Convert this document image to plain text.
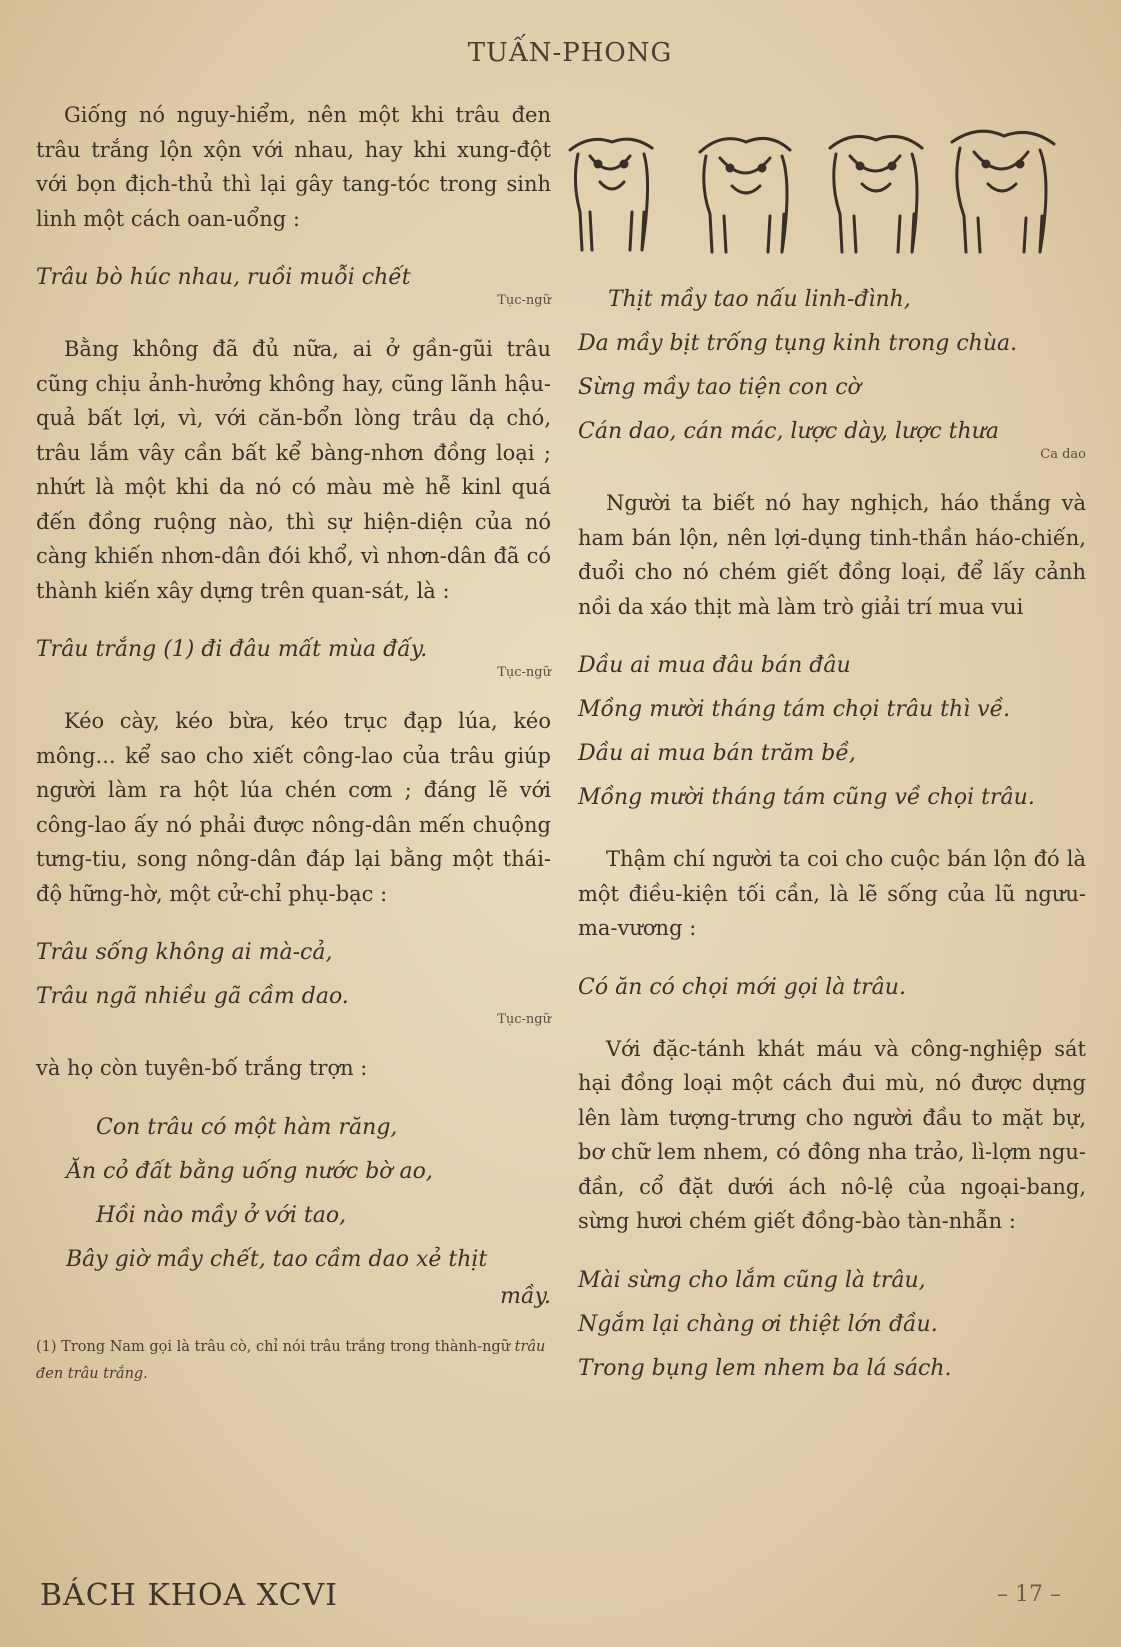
TUẤN-PHONG

Giống nó nguy-hiểm, nên một khi trâu đen trâu trắng lộn xộn với nhau, hay khi xung-đột với bọn địch-thủ thì lại gây tang-tóc trong sinh linh một cách oan-uổng :

Trâu bò húc nhau, ruồi muỗi chết
Tục-ngữ

Bằng không đã đủ nữa, ai ở gần-gũi trâu cũng chịu ảnh-hưởng không hay, cũng lãnh hậu-quả bất lợi, vì, với căn-bổn lòng trâu dạ chó, trâu lắm vây cần bất kể bàng-nhơn đồng loại ; nhứt là một khi da nó có màu mè hễ kinl quá đến đồng ruộng nào, thì sự hiện-diện của nó càng khiến nhơn-dân đói khổ, vì nhơn-dân đã có thành kiến xây dựng trên quan-sát, là :

Trâu trắng (1) đi đâu mất mùa đấy.
Tục-ngữ

Kéo cày, kéo bừa, kéo trục đạp lúa, kéo mông... kể sao cho xiết công-lao của trâu giúp người làm ra hột lúa chén cơm ; đáng lẽ với công-lao ấy nó phải được nông-dân mến chuộng tưng-tiu, song nông-dân đáp lại bằng một thái-độ hững-hờ, một cử-chỉ phụ-bạc :

Trâu sống không ai mà-cả,
Trâu ngã nhiều gã cầm dao.
Tục-ngữ

và họ còn tuyên-bố trắng trợn :

Con trâu có một hàm răng,
Ăn cỏ đất bằng uống nước bờ ao,
Hồi nào mầy ở với tao,
Bây giờ mầy chết, tao cầm dao xẻ thịt
mầy.
(1) Trong Nam gọi là trâu cò, chỉ nói trâu trắng trong thành-ngữ trâu đen trâu trắng.
Thịt mầy tao nấu linh-đình,
Da mầy bịt trống tụng kinh trong chùa.
Sừng mầy tao tiện con cờ
Cán dao, cán mác, lược dày, lược thưa
Ca dao

Người ta biết nó hay nghịch, háo thắng và ham bán lộn, nên lợi-dụng tinh-thần háo-chiến, đuổi cho nó chém giết đồng loại, để lấy cảnh nồi da xáo thịt mà làm trò giải trí mua vui

Dầu ai mua đâu bán đâu
Mồng mười tháng tám chọi trâu thì về.
Dầu ai mua bán trăm bề,
Mồng mười tháng tám cũng về chọi trâu.

Thậm chí người ta coi cho cuộc bán lộn đó là một điều-kiện tối cần, là lẽ sống của lũ ngưu-ma-vương :

Có ăn có chọi mới gọi là trâu.

Với đặc-tánh khát máu và công-nghiệp sát hại đồng loại một cách đui mù, nó được dựng lên làm tượng-trưng cho người đầu to mặt bự, bơ chữ lem nhem, có đông nha trảo, lì-lợm ngu-đần, cổ đặt dưới ách nô-lệ của ngoại-bang, sừng hươi chém giết đồng-bào tàn-nhẫn :

Mài sừng cho lắm cũng là trâu,
Ngắm lại chàng ơi thiệt lớn đầu.
Trong bụng lem nhem ba lá sách.
BÁCH KHOA XCVI	– 17 –
